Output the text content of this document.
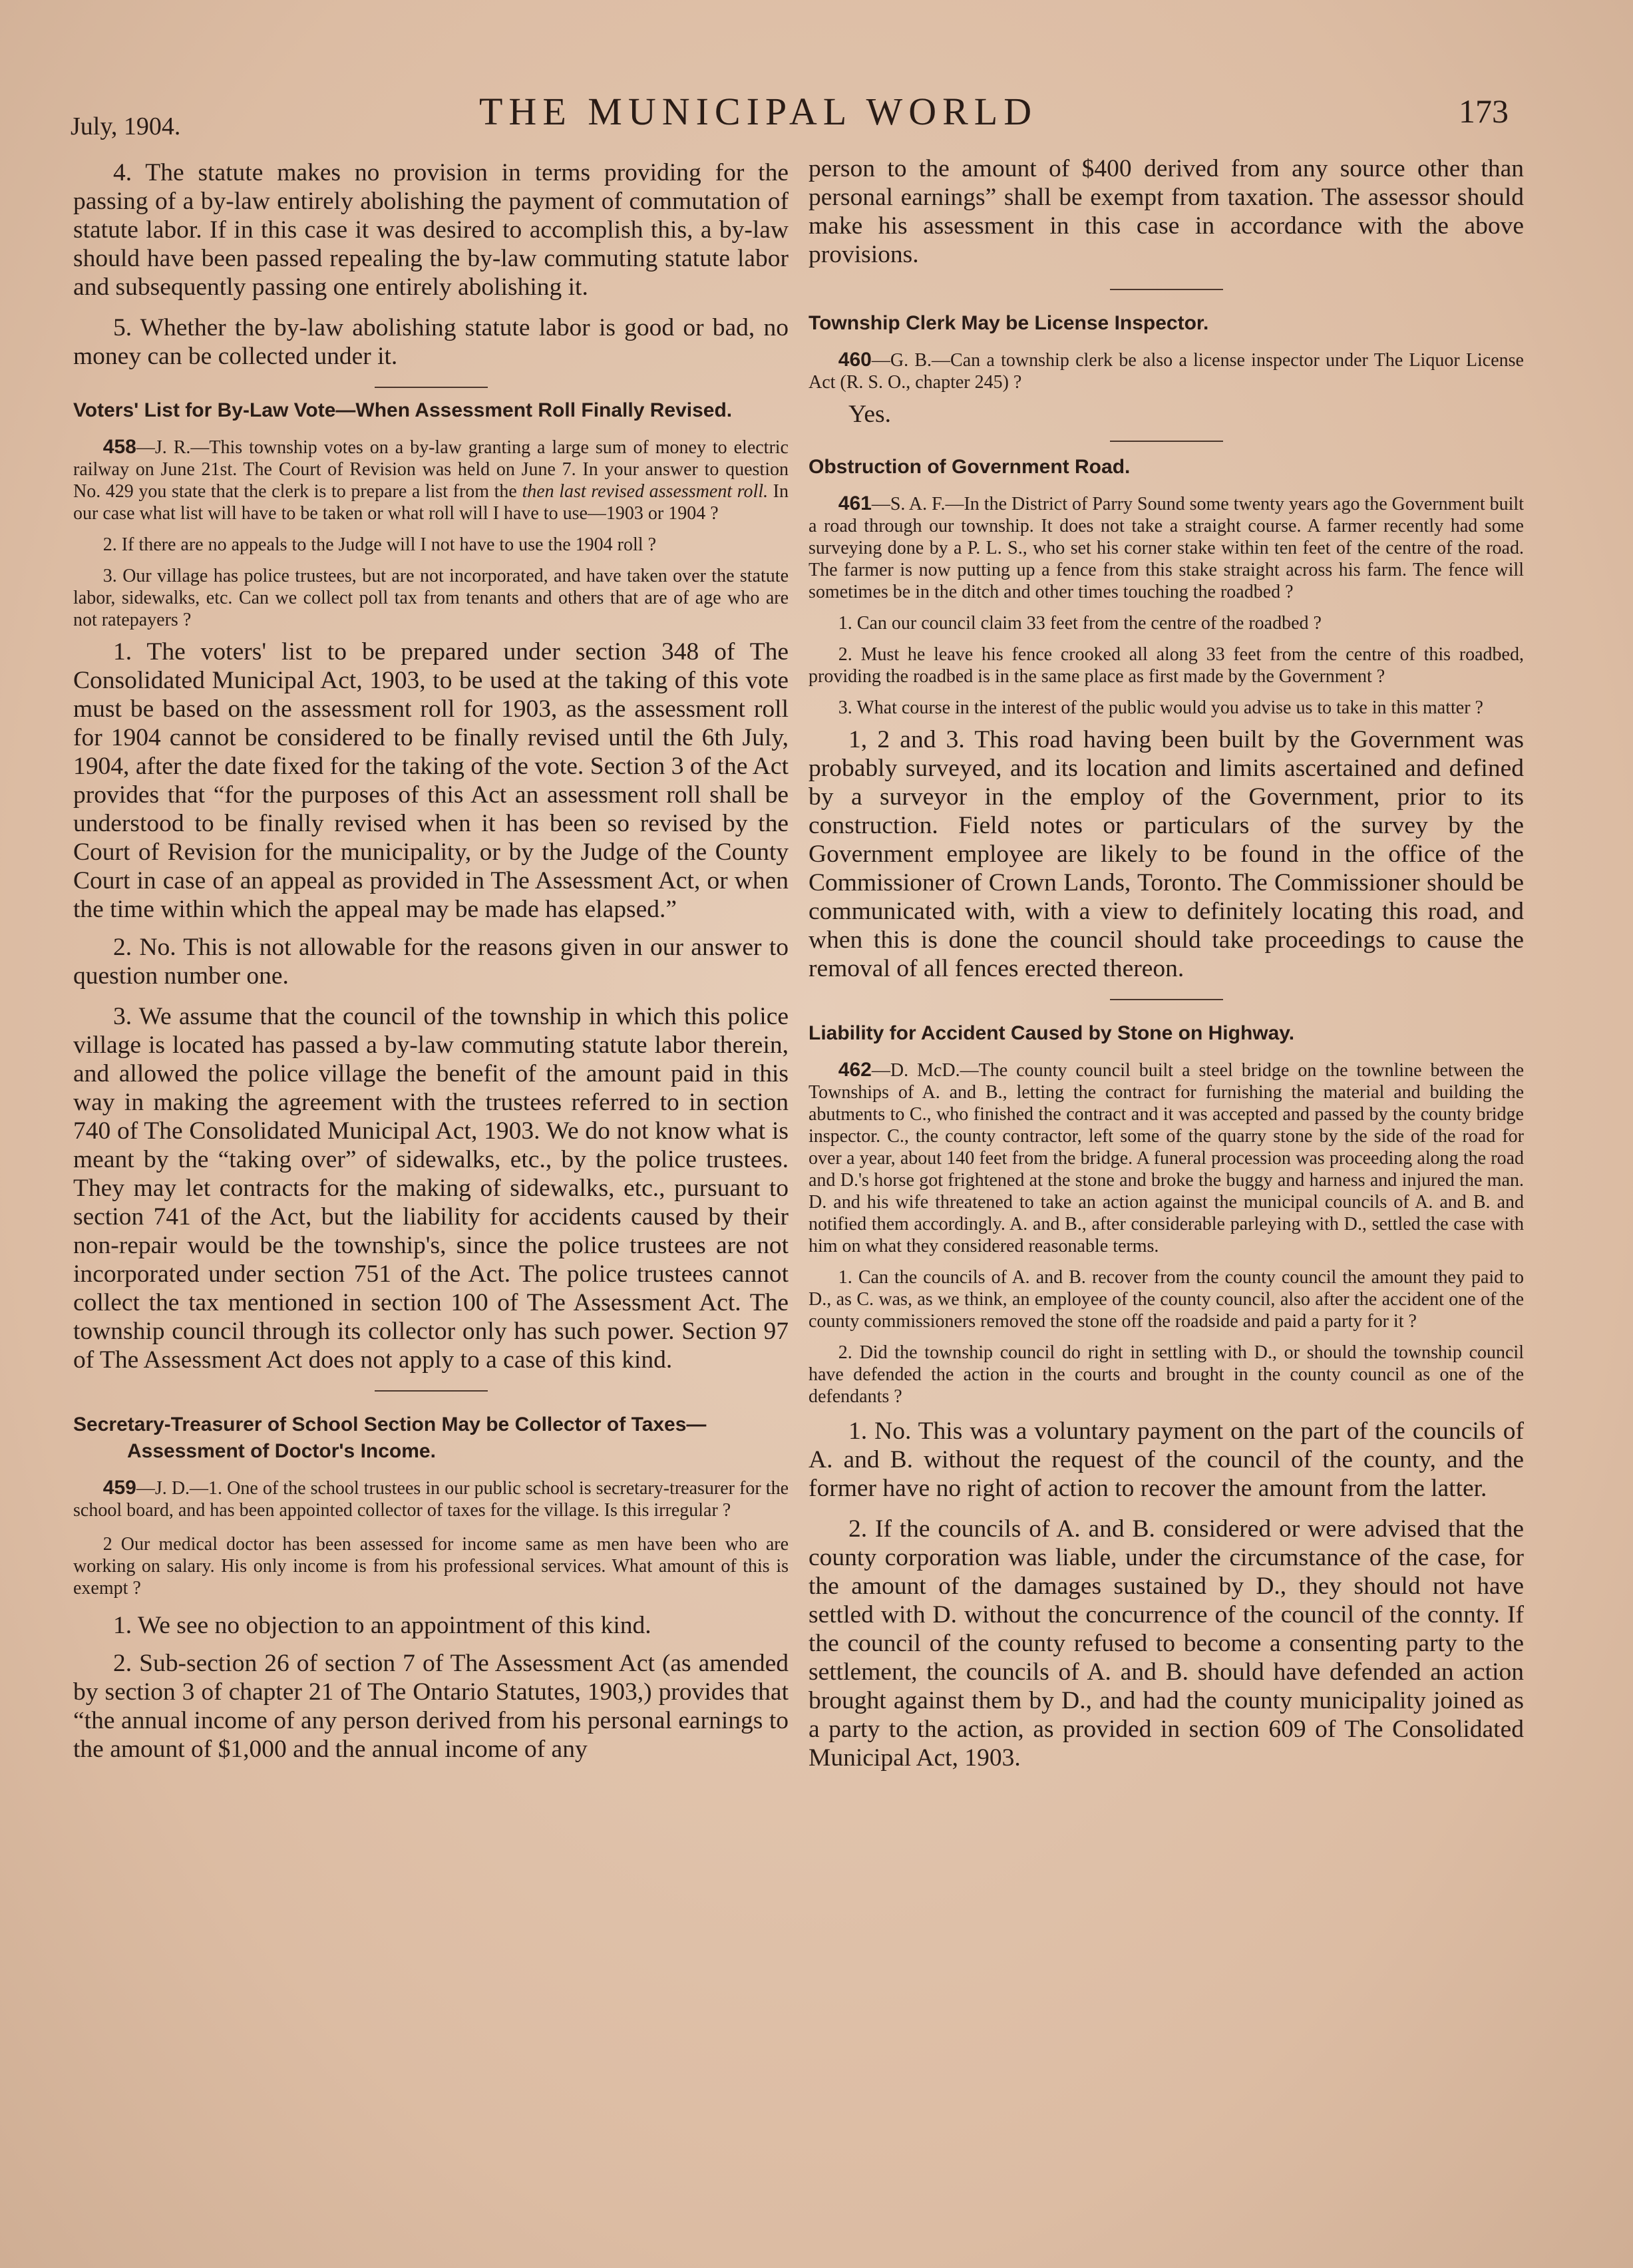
July, 1904.	THE MUNICIPAL WORLD	173

4. The statute makes no provision in terms providing for the passing of a by-law entirely abolishing the payment of commutation of statute labor. If in this case it was desired to accomplish this, a by-law should have been passed repealing the by-law commuting statute labor and subsequently passing one entirely abolishing it.

5. Whether the by-law abolishing statute labor is good or bad, no money can be collected under it.

Voters' List for By-Law Vote—When Assessment Roll Finally Revised.

458—J. R.—This township votes on a by-law granting a large sum of money to electric railway on June 21st. The Court of Revision was held on June 7. In your answer to question No. 429 you state that the clerk is to prepare a list from the then last revised assessment roll. In our case what list will have to be taken or what roll will I have to use—1903 or 1904 ?

2. If there are no appeals to the Judge will I not have to use the 1904 roll ?

3. Our village has police trustees, but are not incorporated, and have taken over the statute labor, sidewalks, etc. Can we collect poll tax from tenants and others that are of age who are not ratepayers ?

1. The voters' list to be prepared under section 348 of The Consolidated Municipal Act, 1903, to be used at the taking of this vote must be based on the assessment roll for 1903, as the assessment roll for 1904 cannot be considered to be finally revised until the 6th July, 1904, after the date fixed for the taking of the vote. Section 3 of the Act provides that “for the purposes of this Act an assessment roll shall be understood to be finally revised when it has been so revised by the Court of Revision for the municipality, or by the Judge of the County Court in case of an appeal as provided in The Assessment Act, or when the time within which the appeal may be made has elapsed.”

2. No. This is not allowable for the reasons given in our answer to question number one.

3. We assume that the council of the township in which this police village is located has passed a by-law commuting statute labor therein, and allowed the police village the benefit of the amount paid in this way in making the agreement with the trustees referred to in section 740 of The Consolidated Municipal Act, 1903. We do not know what is meant by the “taking over” of sidewalks, etc., by the police trustees. They may let contracts for the making of sidewalks, etc., pursuant to section 741 of the Act, but the liability for accidents caused by their non-repair would be the township's, since the police trustees are not incorporated under section 751 of the Act. The police trustees cannot collect the tax mentioned in section 100 of The Assessment Act. The township council through its collector only has such power. Section 97 of The Assessment Act does not apply to a case of this kind.

Secretary-Treasurer of School Section May be Collector of Taxes—Assessment of Doctor's Income.

459—J. D.—1. One of the school trustees in our public school is secretary-treasurer for the school board, and has been appointed collector of taxes for the village. Is this irregular ?

2 Our medical doctor has been assessed for income same as men have been who are working on salary. His only income is from his professional services. What amount of this is exempt ?

1. We see no objection to an appointment of this kind.

2. Sub-section 26 of section 7 of The Assessment Act (as amended by section 3 of chapter 21 of The Ontario Statutes, 1903,) provides that “the annual income of any person derived from his personal earnings to the amount of $1,000 and the annual income of any

person to the amount of $400 derived from any source other than personal earnings” shall be exempt from taxation. The assessor should make his assessment in this case in accordance with the above provisions.

Township Clerk May be License Inspector.

460—G. B.—Can a township clerk be also a license inspector under The Liquor License Act (R. S. O., chapter 245) ?

Yes.

Obstruction of Government Road.

461—S. A. F.—In the District of Parry Sound some twenty years ago the Government built a road through our township. It does not take a straight course. A farmer recently had some surveying done by a P. L. S., who set his corner stake within ten feet of the centre of the road. The farmer is now putting up a fence from this stake straight across his farm. The fence will sometimes be in the ditch and other times touching the roadbed ?

1. Can our council claim 33 feet from the centre of the roadbed ?

2. Must he leave his fence crooked all along 33 feet from the centre of this roadbed, providing the roadbed is in the same place as first made by the Government ?

3. What course in the interest of the public would you advise us to take in this matter ?

1, 2 and 3. This road having been built by the Government was probably surveyed, and its location and limits ascertained and defined by a surveyor in the employ of the Government, prior to its construction. Field notes or particulars of the survey by the Government employee are likely to be found in the office of the Commissioner of Crown Lands, Toronto. The Commissioner should be communicated with, with a view to definitely locating this road, and when this is done the council should take proceedings to cause the removal of all fences erected thereon.

Liability for Accident Caused by Stone on Highway.

462—D. McD.—The county council built a steel bridge on the townline between the Townships of A. and B., letting the contract for furnishing the material and building the abutments to C., who finished the contract and it was accepted and passed by the county bridge inspector. C., the county contractor, left some of the quarry stone by the side of the road for over a year, about 140 feet from the bridge. A funeral procession was proceeding along the road and D.'s horse got frightened at the stone and broke the buggy and harness and injured the man. D. and his wife threatened to take an action against the municipal councils of A. and B. and notified them accordingly. A. and B., after considerable parleying with D., settled the case with him on what they considered reasonable terms.

1. Can the councils of A. and B. recover from the county council the amount they paid to D., as C. was, as we think, an employee of the county council, also after the accident one of the county commissioners removed the stone off the roadside and paid a party for it ?

2. Did the township council do right in settling with D., or should the township council have defended the action in the courts and brought in the county council as one of the defendants ?

1. No. This was a voluntary payment on the part of the councils of A. and B. without the request of the council of the county, and the former have no right of action to recover the amount from the latter.

2. If the councils of A. and B. considered or were advised that the county corporation was liable, under the circumstance of the case, for the amount of the damages sustained by D., they should not have settled with D. without the concurrence of the council of the connty. If the council of the county refused to become a consenting party to the settlement, the councils of A. and B. should have defended an action brought against them by D., and had the county municipality joined as a party to the action, as provided in section 609 of The Consolidated Municipal Act, 1903.
